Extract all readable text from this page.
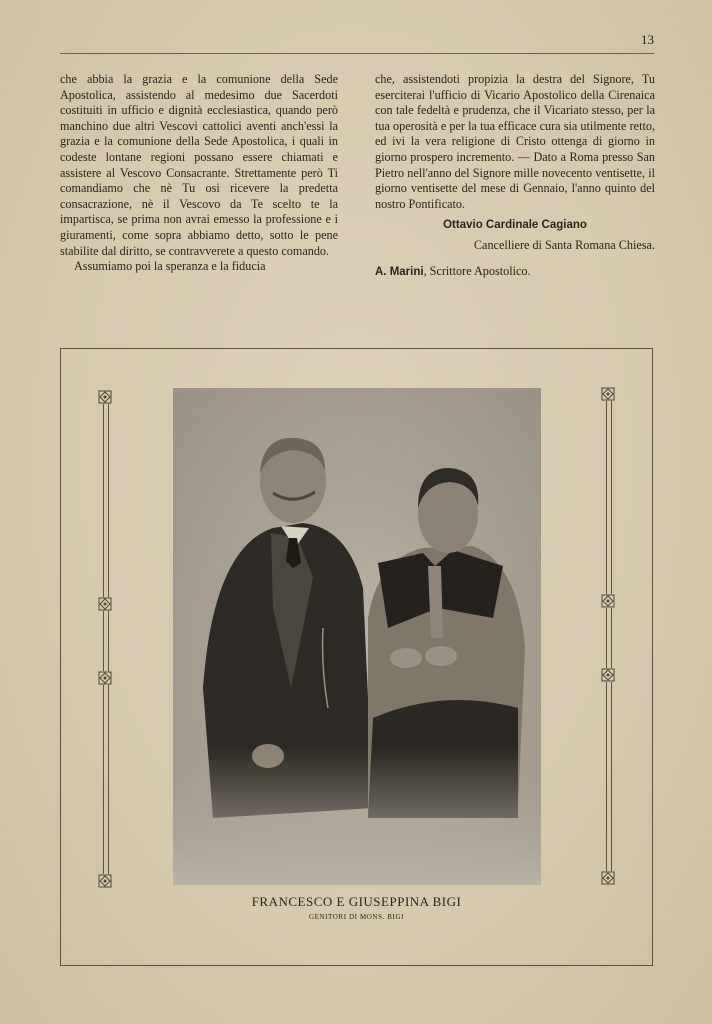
13

che abbia la grazia e la comunione della Sede Apostolica, assistendo al medesimo due Sacerdoti costituiti in ufficio e dignità ecclesiastica, quando però manchino due altri Vescovi cattolici aventi anch'essi la grazia e la comunione della Sede Apostolica, i quali in codeste lontane regioni possano essere chiamati e assistere al Vescovo Consacrante. Strettamente però Ti comandiamo che nè Tu osi ricevere la predetta consacrazione, nè il Vescovo da Te scelto te la impartisca, se prima non avrai emesso la professione e i giuramenti, come sopra abbiamo detto, sotto le pene stabilite dal diritto, se contravverete a questo comando.

Assumiamo poi la speranza e la fiducia

che, assistendoti propizia la destra del Signore, Tu eserciterai l'ufficio di Vicario Apostolico della Cirenaica con tale fedeltà e prudenza, che il Vicariato stesso, per la tua operosità e per la tua efficace cura sia utilmente retto, ed ivi la vera religione di Cristo ottenga di giorno in giorno prospero incremento. — Dato a Roma presso San Pietro nell'anno del Signore mille novecento ventisette, il giorno ventisette del mese di Gennaio, l'anno quinto del nostro Pontificato.

Ottavio Cardinale Cagiano

Cancelliere di Santa Romana Chiesa.

A. Marini, Scrittore Apostolico.

FRANCESCO E GIUSEPPINA BIGI
GENITORI DI MONS. BIGI
